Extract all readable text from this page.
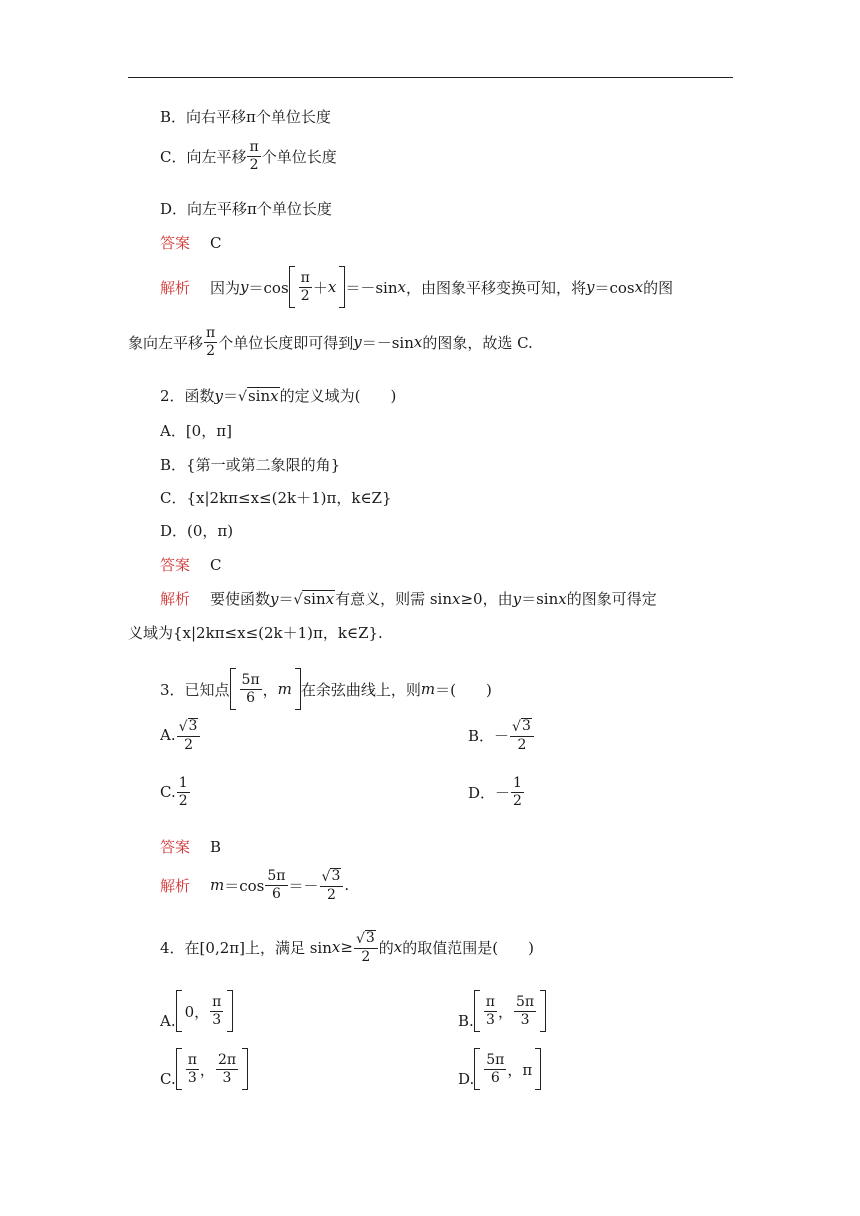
B．向右平移π个单位长度
C．向左平移 $\frac{\pi}{2}$ 个单位长度
D．向左平移π个单位长度
答案 C
解析 因为 $y =\cos \frac{\pi}{2} + x =-\sin$ x ，由图象平移变换可知，将 y ＝cos x 的图
象向左平移 $\frac{\pi}{2}$ 个单位长度即可得到 y ＝－sin x 的图象，故选 C.
2．函数 y ＝ √ sinx 的定义域为(　　)
A．[0，π]
B．{第一或第二象限的角}
C．{x|2kπ≤x≤(2k＋1)π，k∈Z}
D．(0，π)
答案 C
解析 要使函数 y ＝ √ sinx 有意义，则需 sin x ≥0，由 y ＝sin x 的图象可得定
义域为{x|2kπ≤x≤(2k＋1)π，k∈Z}.
3．已知点 $\frac{5\pi}{6}$ ， m 在余弦曲线上，则 m ＝(　　)
A. $\frac{√ 3}{2}$	B．－ $\frac{√ 3}{2}$
C. $\frac{1}{2}$	D．－ $\frac{1}{2}$
答案 B
解析 $m =\cos \frac{5\pi}{6} =- \frac{√ 3}{2}$ .
4．在[0,2π]上，满足 $\sin x \ge \frac{√ 3}{2}$ 的 x 的取值范围是(　　)
A.
0， $\frac{\pi}{3}$	B. $\frac{\pi}{3}$ ， $\frac{5\pi}{3}$
C. $\frac{\pi}{3}$ ， $\frac{2\pi}{3}$	D. $\frac{5\pi}{6}$ ，π
